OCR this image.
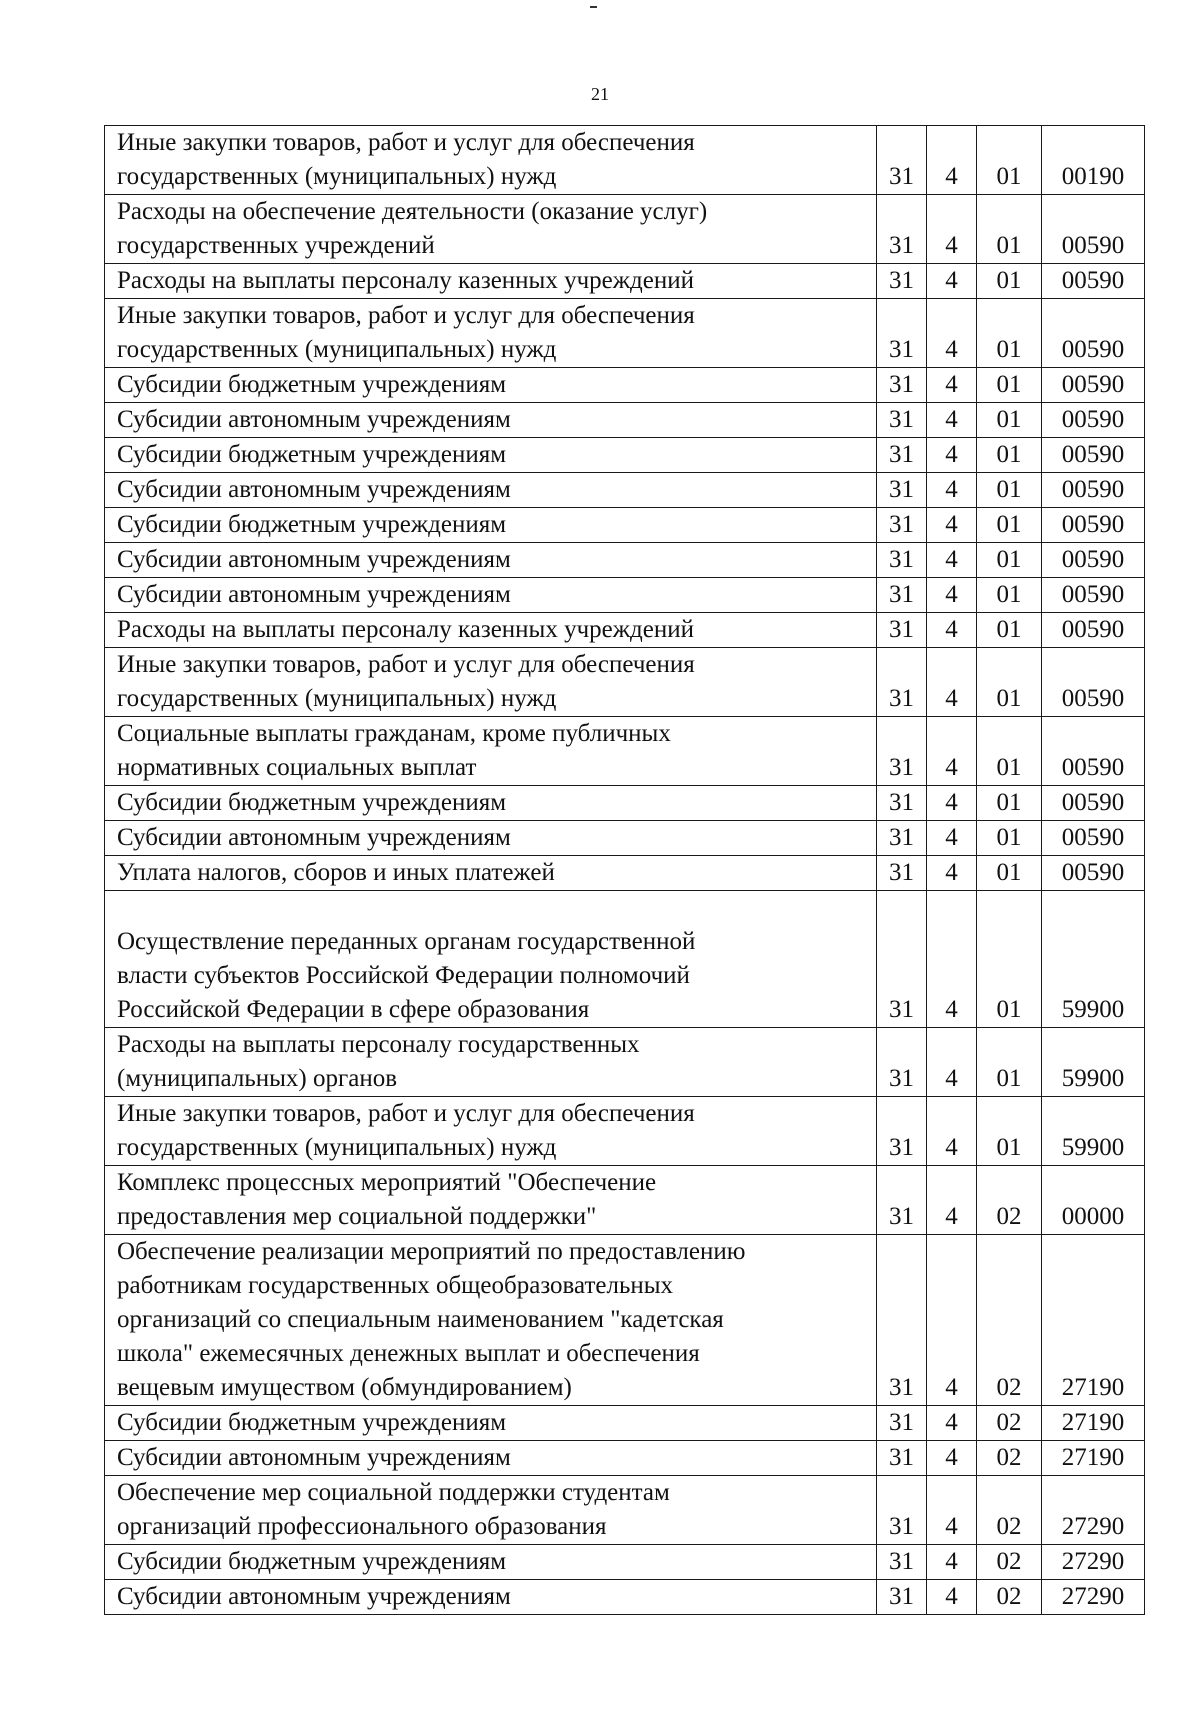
21
Иные закупки товаров, работ и услуг для обеспечения
государственных (муниципальных) нужд	31	4	01	00190
Расходы на обеспечение деятельности (оказание услуг)
государственных учреждений	31	4	01	00590
Расходы на выплаты персоналу казенных учреждений	31	4	01	00590
Иные закупки товаров, работ и услуг для обеспечения
государственных (муниципальных) нужд	31	4	01	00590
Субсидии бюджетным учреждениям	31	4	01	00590
Субсидии автономным учреждениям	31	4	01	00590
Субсидии бюджетным учреждениям	31	4	01	00590
Субсидии автономным учреждениям	31	4	01	00590
Субсидии бюджетным учреждениям	31	4	01	00590
Субсидии автономным учреждениям	31	4	01	00590
Субсидии автономным учреждениям	31	4	01	00590
Расходы на выплаты персоналу казенных учреждений	31	4	01	00590
Иные закупки товаров, работ и услуг для обеспечения
государственных (муниципальных) нужд	31	4	01	00590
Социальные выплаты гражданам, кроме публичных
нормативных социальных выплат	31	4	01	00590
Субсидии бюджетным учреждениям	31	4	01	00590
Субсидии автономным учреждениям	31	4	01	00590
Уплата налогов, сборов и иных платежей	31	4	01	00590
Осуществление переданных органам государственной
власти субъектов Российской Федерации полномочий
Российской Федерации в сфере образования	31	4	01	59900
Расходы на выплаты персоналу государственных
(муниципальных) органов	31	4	01	59900
Иные закупки товаров, работ и услуг для обеспечения
государственных (муниципальных) нужд	31	4	01	59900
Комплекс процессных мероприятий "Обеспечение
предоставления мер социальной поддержки"	31	4	02	00000
Обеспечение реализации мероприятий по предоставлению
работникам государственных общеобразовательных
организаций со специальным наименованием "кадетская
школа" ежемесячных денежных выплат и обеспечения
вещевым имуществом (обмундированием)	31	4	02	27190
Субсидии бюджетным учреждениям	31	4	02	27190
Субсидии автономным учреждениям	31	4	02	27190
Обеспечение мер социальной поддержки студентам
организаций профессионального образования	31	4	02	27290
Субсидии бюджетным учреждениям	31	4	02	27290
Субсидии автономным учреждениям	31	4	02	27290
